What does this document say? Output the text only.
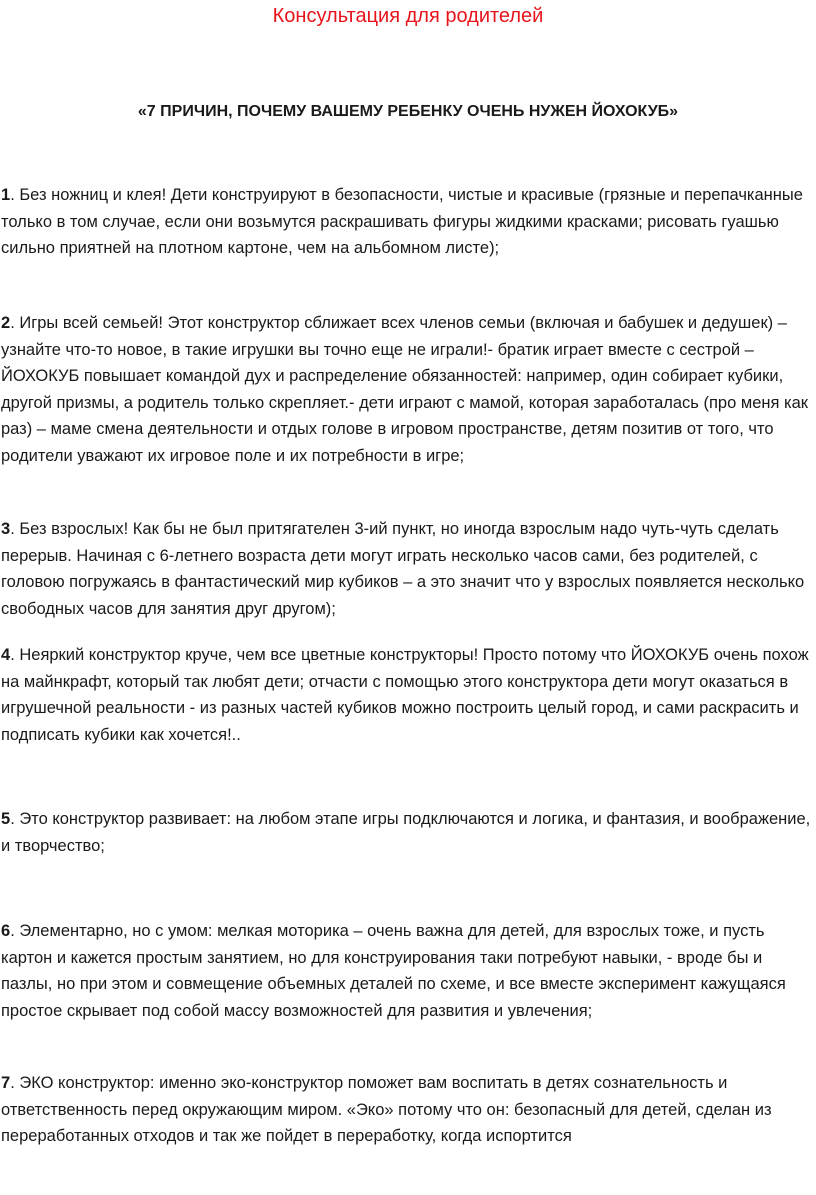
Консультация для родителей
«7 ПРИЧИН, ПОЧЕМУ ВАШЕМУ РЕБЕНКУ ОЧЕНЬ НУЖЕН ЙОХОКУБ»

1. Без ножниц и клея! Дети конструируют в безопасности, чистые и красивые (грязные и перепачканные только в том случае, если они возьмутся раскрашивать фигуры жидкими красками; рисовать гуашью сильно приятней на плотном картоне, чем на альбомном листе);

2. Игры всей семьей! Этот конструктор сближает всех членов семьи (включая и бабушек и дедушек) – узнайте что-то новое, в такие игрушки вы точно еще не играли!- братик играет вместе с сестрой – ЙОХОКУБ повышает командой дух и распределение обязанностей: например, один собирает кубики, другой призмы, а родитель только скрепляет.- дети играют с мамой, которая заработалась (про меня как раз) – маме смена деятельности и отдых голове в игровом пространстве, детям позитив от того, что родители уважают их игровое поле и их потребности в игре;

3. Без взрослых! Как бы не был притягателен 3-ий пункт, но иногда взрослым надо чуть-чуть сделать перерыв. Начиная с 6-летнего возраста дети могут играть несколько часов сами, без родителей, с головою погружаясь в фантастический мир кубиков – а это значит что у взрослых появляется несколько свободных часов для занятия друг другом);

4. Неяркий конструктор круче, чем все цветные конструкторы! Просто потому что ЙОХОКУБ очень похож на майнкрафт, который так любят дети; отчасти с помощью этого конструктора дети могут оказаться в игрушечной реальности - из разных частей кубиков можно построить целый город, и сами раскрасить и подписать кубики как хочется!..

5. Это конструктор развивает: на любом этапе игры подключаются и логика, и фантазия, и воображение, и творчество;

6. Элементарно, но с умом: мелкая моторика – очень важна для детей, для взрослых тоже, и пусть картон и кажется простым занятием, но для конструирования таки потребуют навыки, - вроде бы и пазлы, но при этом и совмещение объемных деталей по схеме, и все вместе эксперимент кажущаяся простое скрывает под собой массу возможностей для развития и увлечения;

7. ЭКО конструктор: именно эко-конструктор поможет вам воспитать в детях сознательность и ответственность перед окружающим миром. «Эко» потому что он: безопасный для детей, сделан из переработанных отходов и так же пойдет в переработку, когда испортится
